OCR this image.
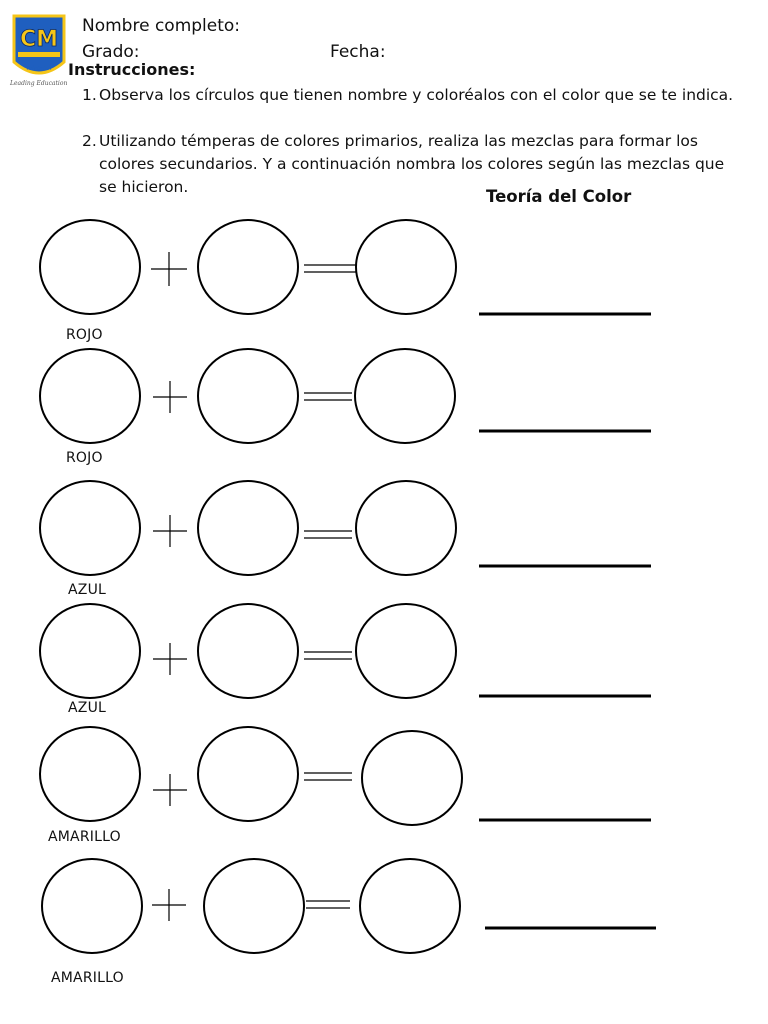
CM
★★★★★
Leading Education
Nombre completo:
Grado:	Fecha:
Instrucciones:
1. Observa los círculos que tienen nombre y coloréalos con el color que se te indica.
2. Utilizando témperas de colores primarios, realiza las mezclas para formar los colores secundarios. Y a continuación nombra los colores según las mezclas que se hicieron.	Teoría del Color
ROJO
ROJO
AZUL
AZUL
AMARILLO
AMARILLO
